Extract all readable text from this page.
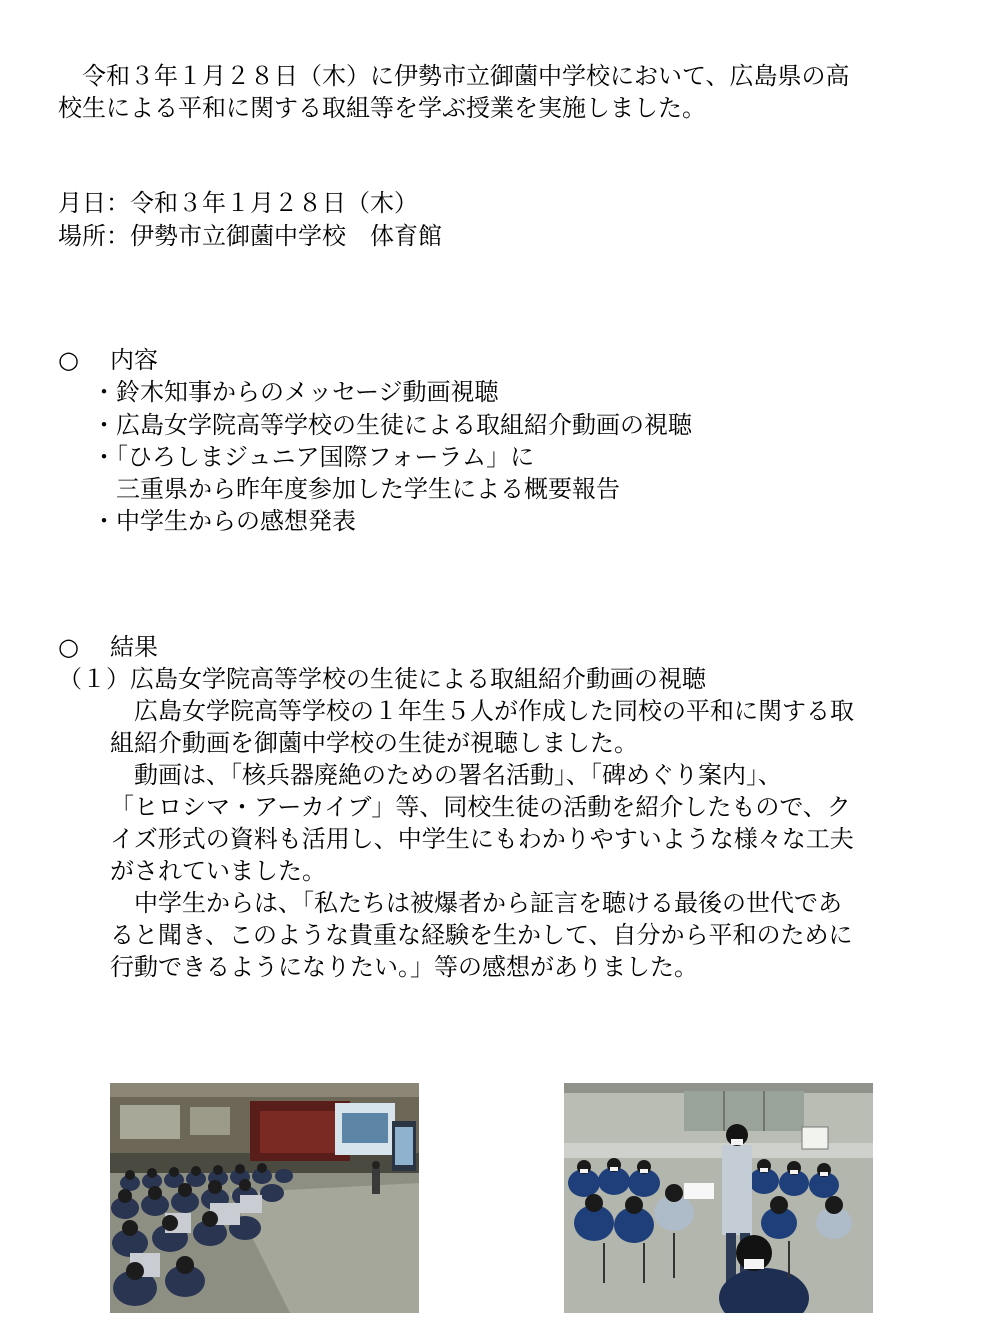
　令和３年１月２８日（木）に伊勢市立御薗中学校において、広島県の高
校生による平和に関する取組等を学ぶ授業を実施しました。
月日：令和３年１月２８日（木）
場所：伊勢市立御薗中学校　体育館
○ 内容
・鈴木知事からのメッセージ動画視聴
・広島女学院高等学校の生徒による取組紹介動画の視聴
・「ひろしまジュニア国際フォーラム」に
三重県から昨年度参加した学生による概要報告
・中学生からの感想発表
○ 結果
（１）広島女学院高等学校の生徒による取組紹介動画の視聴
　広島女学院高等学校の１年生５人が作成した同校の平和に関する取
組紹介動画を御薗中学校の生徒が視聴しました。
　動画は、「核兵器廃絶のための署名活動」、「碑めぐり案内」、
「ヒロシマ・アーカイブ」等、同校生徒の活動を紹介したもので、ク
イズ形式の資料も活用し、中学生にもわかりやすいような様々な工夫
がされていました。
　中学生からは、「私たちは被爆者から証言を聴ける最後の世代であ
ると聞き、このような貴重な経験を生かして、自分から平和のために
行動できるようになりたい。」等の感想がありました。
